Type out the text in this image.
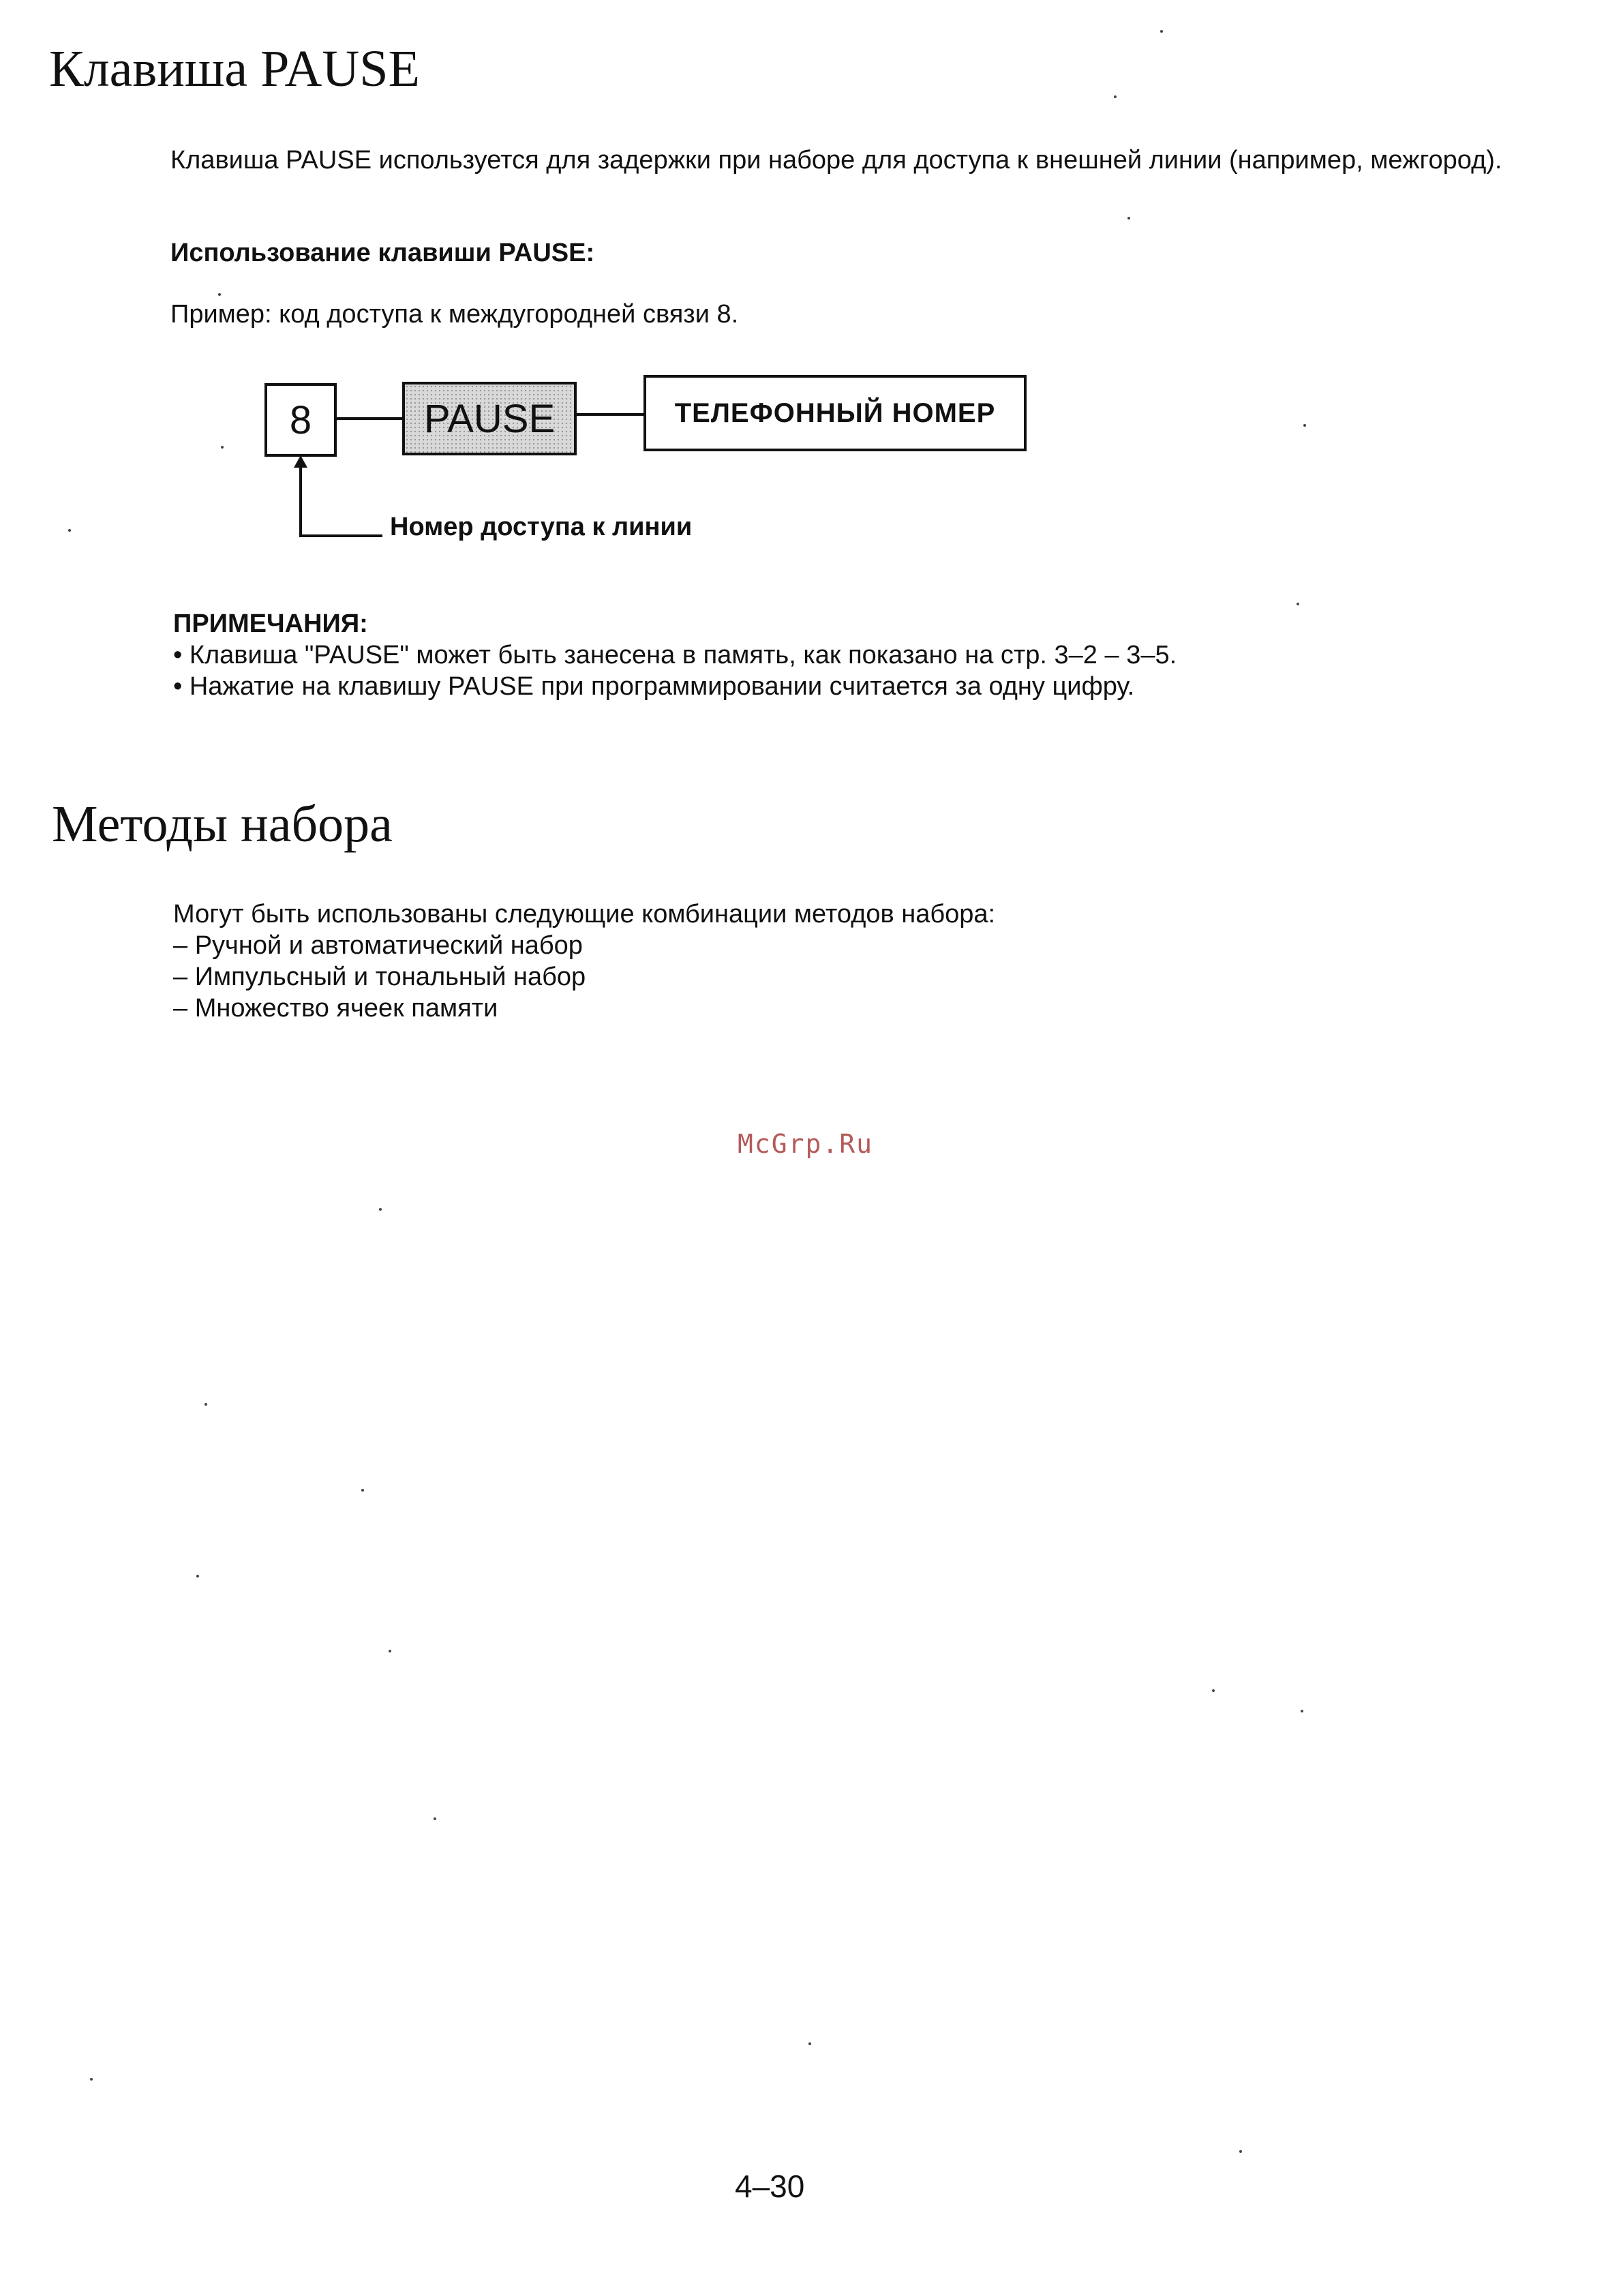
Клавиша PAUSE

Клавиша PAUSE используется для задержки при наборе для доступа к внешней линии (например, межгород).

Использование клавиши PAUSE:

Пример: код доступа к междугородней связи 8.

8	PAUSE	ТЕЛЕФОННЫЙ НОМЕР

Номер доступа к линии

ПРИМЕЧАНИЯ:

• Клавиша "PAUSE" может быть занесена в память, как показано на стр. 3–2 – 3–5.

• Нажатие на клавишу PAUSE при программировании считается за одну цифру.

Методы набора

Могут быть использованы следующие комбинации методов набора:

– Ручной и автоматический набор

– Импульсный и тональный набор

– Множество ячеек памяти

McGrp.Ru

4–30
